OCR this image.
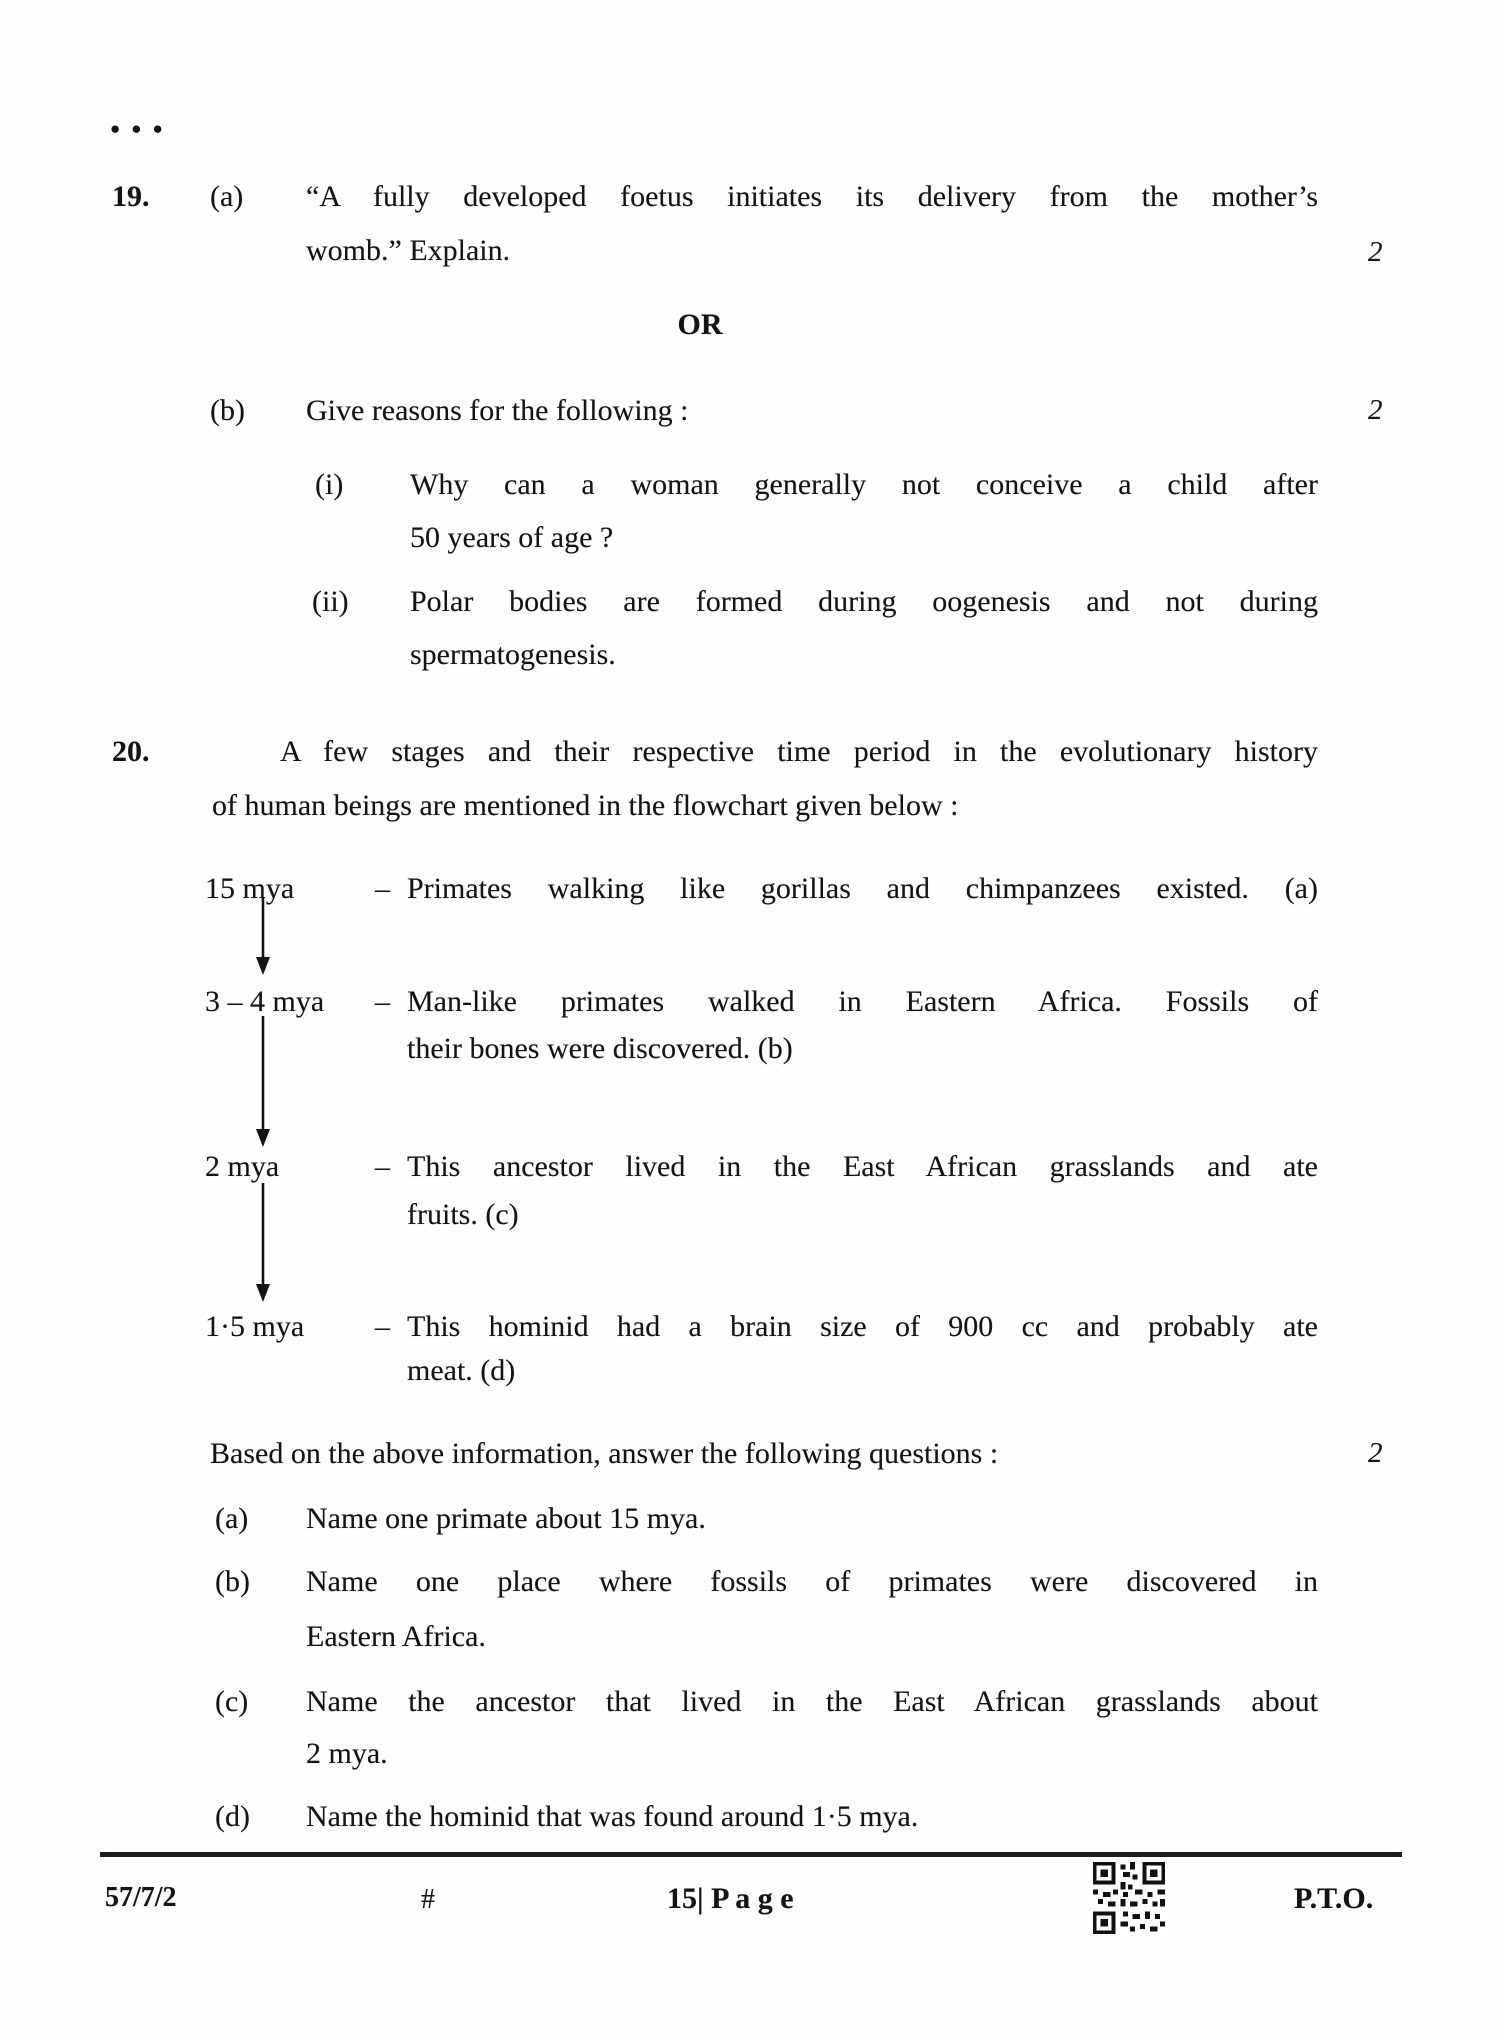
●●●
19. (a) “A fully developed foetus initiates its delivery from the mother’s
womb.” Explain.	2
OR
(b) Give reasons for the following :	2
(i) Why can a woman generally not conceive a child after
50 years of age ?
(ii) Polar bodies are formed during oogenesis and not during
spermatogenesis.
20.	A few stages and their respective time period in the evolutionary history
of human beings are mentioned in the flowchart given below :
15 mya	– Primates walking like gorillas and chimpanzees existed. (a)
3 – 4 mya – Man-like primates walked in Eastern Africa. Fossils of
their bones were discovered. (b)
2 mya	– This ancestor lived in the East African grasslands and ate
fruits. (c)
1·5 mya – This hominid had a brain size of 900 cc and probably ate
meat. (d)
Based on the above information, answer the following questions :	2
(a) Name one primate about 15 mya.
(b) Name one place where fossils of primates were discovered in
Eastern Africa.
(c) Name the ancestor that lived in the East African grasslands about
2 mya.
(d) Name the hominid that was found around 1·5 mya.
57/7/2	#	15| P a g e	P.T.O.
